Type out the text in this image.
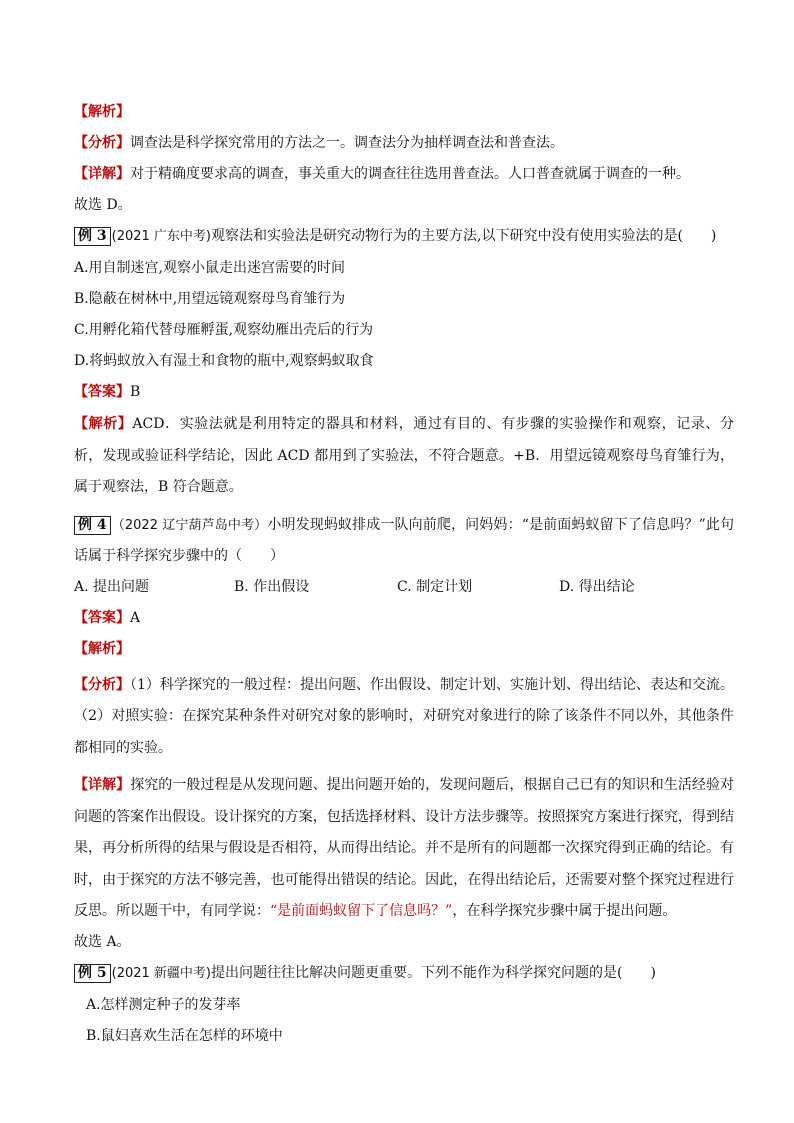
【解析】
【分析】调查法是科学探究常用的方法之一。调查法分为抽样调查法和普查法。
【详解】对于精确度要求高的调查，事关重大的调查往往选用普查法。人口普查就属于调查的一种。
故选 D。
例 3 (2021 广东中考)观察法和实验法是研究动物行为的主要方法,以下研究中没有使用实验法的是(　　)
A.用自制迷宫,观察小鼠走出迷宫需要的时间
B.隐蔽在树林中,用望远镜观察母鸟育雏行为
C.用孵化箱代替母雁孵蛋,观察幼雁出壳后的行为
D.将蚂蚁放入有湿土和食物的瓶中,观察蚂蚁取食
【答案】B
【解析】ACD．实验法就是利用特定的器具和材料，通过有目的、有步骤的实验操作和观察，记录、分析，发现或验证科学结论，因此 ACD 都用到了实验法，不符合题意。+B．用望远镜观察母鸟育雏行为，属于观察法，B 符合题意。
例 4 （2022 辽宁葫芦岛中考）小明发现蚂蚁排成一队向前爬，问妈妈：“是前面蚂蚁留下了信息吗？”此句话属于科学探究步骤中的（　　）
A. 提出问题	B. 作出假设	C. 制定计划	D. 得出结论
【答案】A
【解析】
【分析】（1）科学探究的一般过程：提出问题、作出假设、制定计划、实施计划、得出结论、表达和交流。（2）对照实验：在探究某种条件对研究对象的影响时，对研究对象进行的除了该条件不同以外，其他条件都相同的实验。
【详解】探究的一般过程是从发现问题、提出问题开始的，发现问题后，根据自己已有的知识和生活经验对问题的答案作出假设。设计探究的方案，包括选择材料、设计方法步骤等。按照探究方案进行探究，得到结果，再分析所得的结果与假设是否相符，从而得出结论。并不是所有的问题都一次探究得到正确的结论。有时，由于探究的方法不够完善，也可能得出错误的结论。因此，在得出结论后，还需要对整个探究过程进行反思。所以题干中，有同学说：“是前面蚂蚁留下了信息吗？”，在科学探究步骤中属于提出问题。
故选 A。
例 5 (2021 新疆中考)提出问题往往比解决问题更重要。下列不能作为科学探究问题的是(　　)
A.怎样测定种子的发芽率
B.鼠妇喜欢生活在怎样的环境中
